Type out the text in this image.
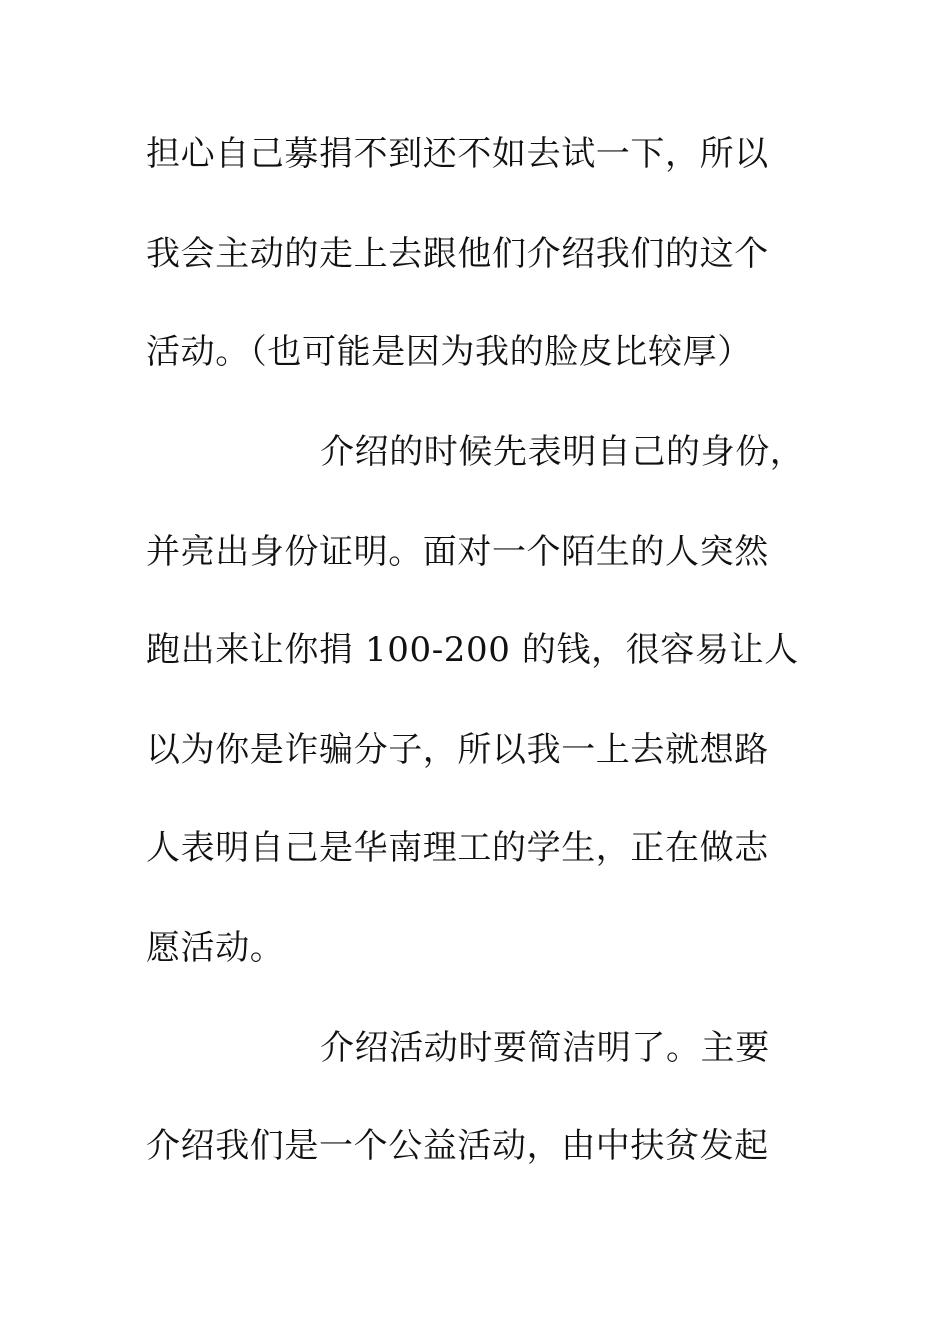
担心自己募捐不到还不如去试一下，所以
我会主动的走上去跟他们介绍我们的这个
活动。（也可能是因为我的脸皮比较厚）
介绍的时候先表明自己的身份，
并亮出身份证明。面对一个陌生的人突然
跑出来让你捐 100-200 的钱，很容易让人
以为你是诈骗分子，所以我一上去就想路
人表明自己是华南理工的学生，正在做志
愿活动。
介绍活动时要简洁明了。主要
介绍我们是一个公益活动，由中扶贫发起
